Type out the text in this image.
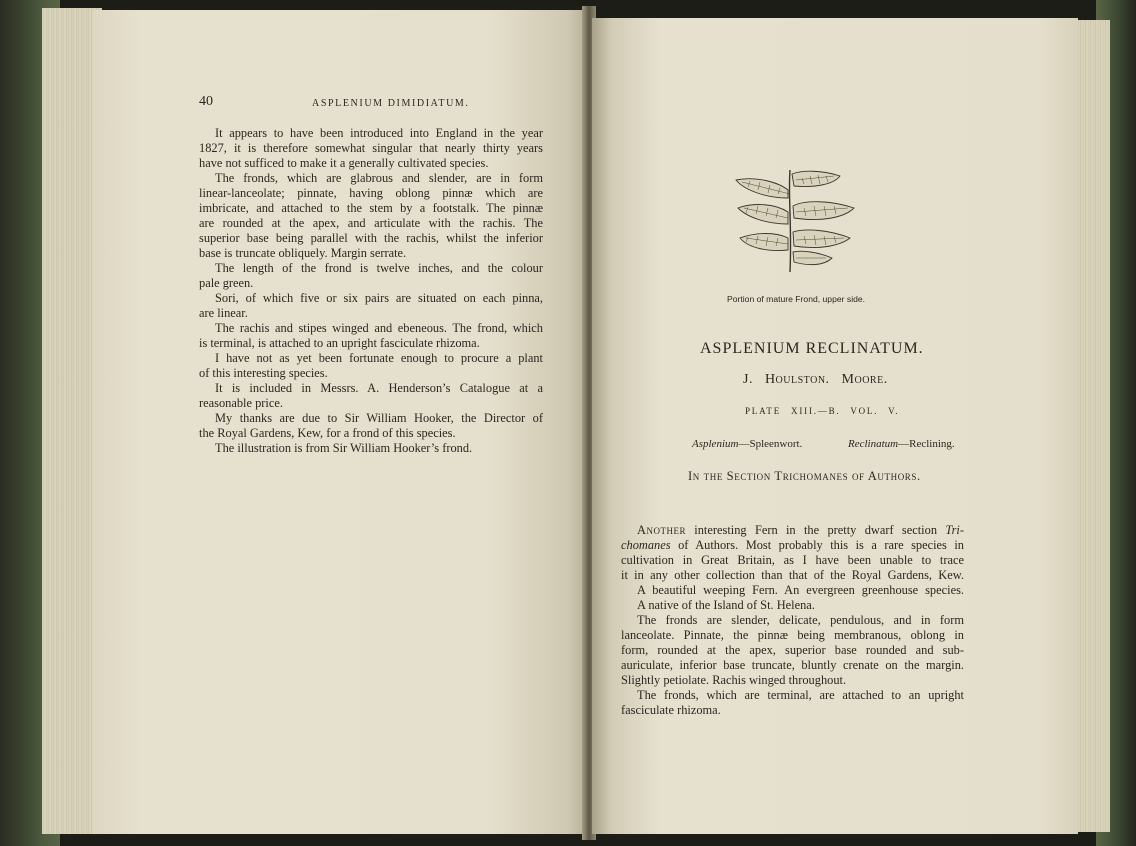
40	ASPLENIUM DIMIDIATUM.
It appears to have been introduced into England in the year
1827, it is therefore somewhat singular that nearly thirty years
have not sufficed to make it a generally cultivated species.
The fronds, which are glabrous and slender, are in form
linear-lanceolate; pinnate, having oblong pinnæ which are
imbricate, and attached to the stem by a footstalk. The pinnæ
are rounded at the apex, and articulate with the rachis. The
superior base being parallel with the rachis, whilst the inferior
base is truncate obliquely. Margin serrate.
The length of the frond is twelve inches, and the colour
pale green.
Sori, of which five or six pairs are situated on each pinna,
are linear.
The rachis and stipes winged and ebeneous. The frond, which
is terminal, is attached to an upright fasciculate rhizoma.
I have not as yet been fortunate enough to procure a plant
of this interesting species.
It is included in Messrs. A. Henderson’s Catalogue at a
reasonable price.
My thanks are due to Sir William Hooker, the Director of
the Royal Gardens, Kew, for a frond of this species.
The illustration is from Sir William Hooker’s frond.
Portion of mature Frond, upper side.
ASPLENIUM RECLINATUM.
J. Houlston. Moore.
PLATE XIII.—B. VOL. V.
Asplenium—Spleenwort.	Reclinatum—Reclining.
In the Section Trichomanes of Authors.
Another interesting Fern in the pretty dwarf section Tri-
chomanes of Authors. Most probably this is a rare species in
cultivation in Great Britain, as I have been unable to trace
it in any other collection than that of the Royal Gardens, Kew.
A beautiful weeping Fern. An evergreen greenhouse species.
A native of the Island of St. Helena.
The fronds are slender, delicate, pendulous, and in form
lanceolate. Pinnate, the pinnæ being membranous, oblong in
form, rounded at the apex, superior base rounded and sub-
auriculate, inferior base truncate, bluntly crenate on the margin.
Slightly petiolate. Rachis winged throughout.
The fronds, which are terminal, are attached to an upright
fasciculate rhizoma.
